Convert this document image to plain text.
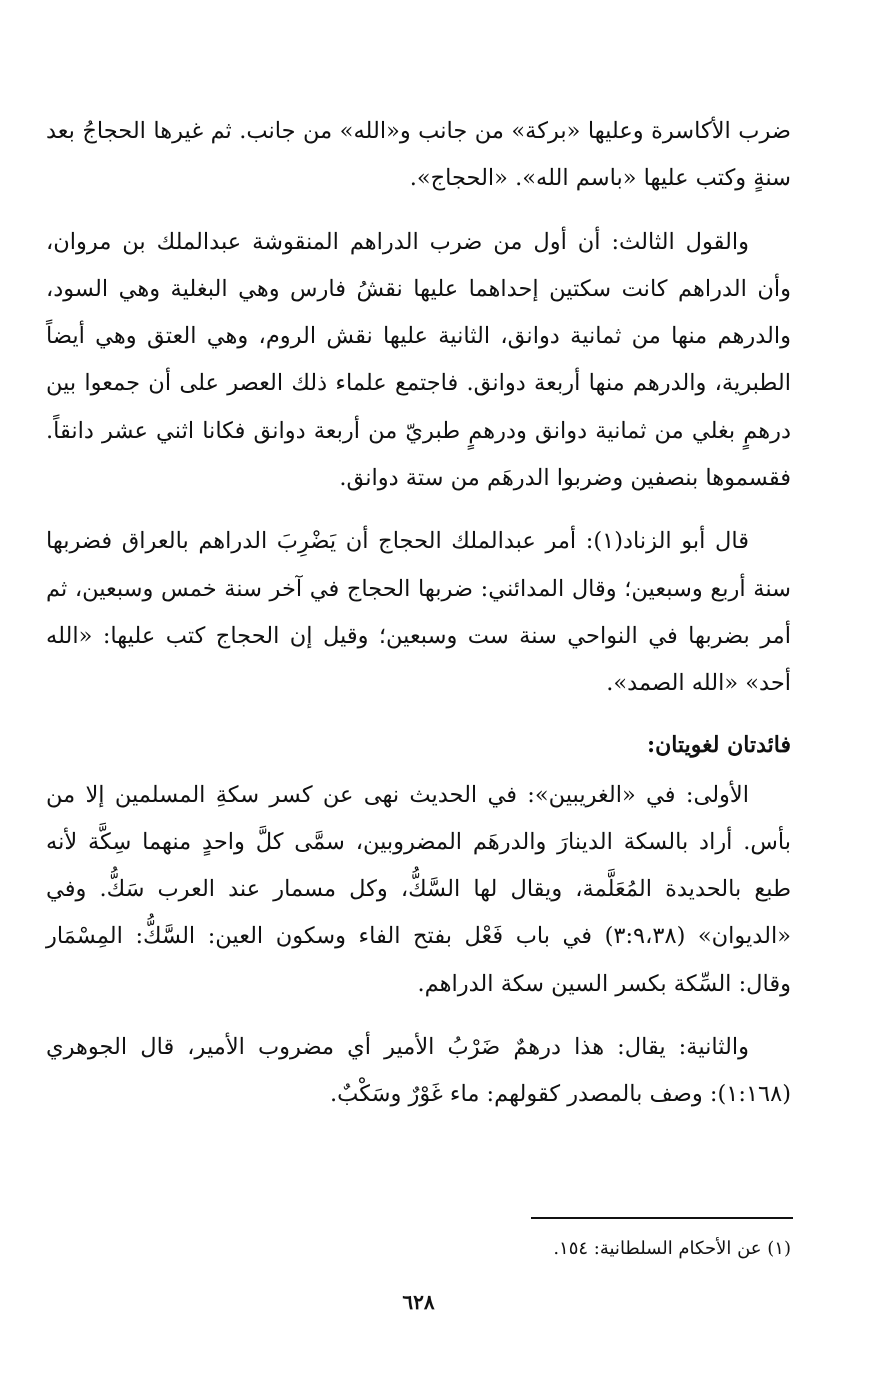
ضرب الأكاسرة وعليها «بركة» من جانب و«الله» من جانب. ثم غيرها الحجاجُ بعد سنةٍ وكتب عليها «باسم الله». «الحجاج».

والقول الثالث: أن أول من ضرب الدراهم المنقوشة عبدالملك بن مروان، وأن الدراهم كانت سكتين إحداهما عليها نقشُ فارس وهي البغلية وهي السود، والدرهم منها من ثمانية دوانق، الثانية عليها نقش الروم، وهي العتق وهي أيضاً الطبرية، والدرهم منها أربعة دوانق. فاجتمع علماء ذلك العصر على أن جمعوا بين درهمٍ بغلي من ثمانية دوانق ودرهمٍ طبريّ من أربعة دوانق فكانا اثني عشر دانقاً. فقسموها بنصفين وضربوا الدرهَم من ستة دوانق.

قال أبو الزناد(١): أمر عبدالملك الحجاج أن يَضْرِبَ الدراهم بالعراق فضربها سنة أربع وسبعين؛ وقال المدائني: ضربها الحجاج في آخر سنة خمس وسبعين، ثم أمر بضربها في النواحي سنة ست وسبعين؛ وقيل إن الحجاج كتب عليها: «الله أحد» «الله الصمد».

فائدتان لغويتان:

الأولى: في «الغريبين»: في الحديث نهى عن كسر سكةِ المسلمين إلا من بأس. أراد بالسكة الدينارَ والدرهَم المضروبين، سمَّى كلَّ واحدٍ منهما سِكَّة لأنه طبع بالحديدة المُعَلَّمة، ويقال لها السَّكُّ، وكل مسمار عند العرب سَكُّ. وفي «الديوان» (٣:٩،٣٨) في باب فَعْل بفتح الفاء وسكون العين: السَّكُّ: المِسْمَار وقال: السِّكة بكسر السين سكة الدراهم.

والثانية: يقال: هذا درهمٌ ضَرْبُ الأمير أي مضروب الأمير، قال الجوهري (١:١٦٨): وصف بالمصدر كقولهم: ماء غَوْرٌ وسَكْبٌ.

(١) عن الأحكام السلطانية: ١٥٤.

٦٢٨
